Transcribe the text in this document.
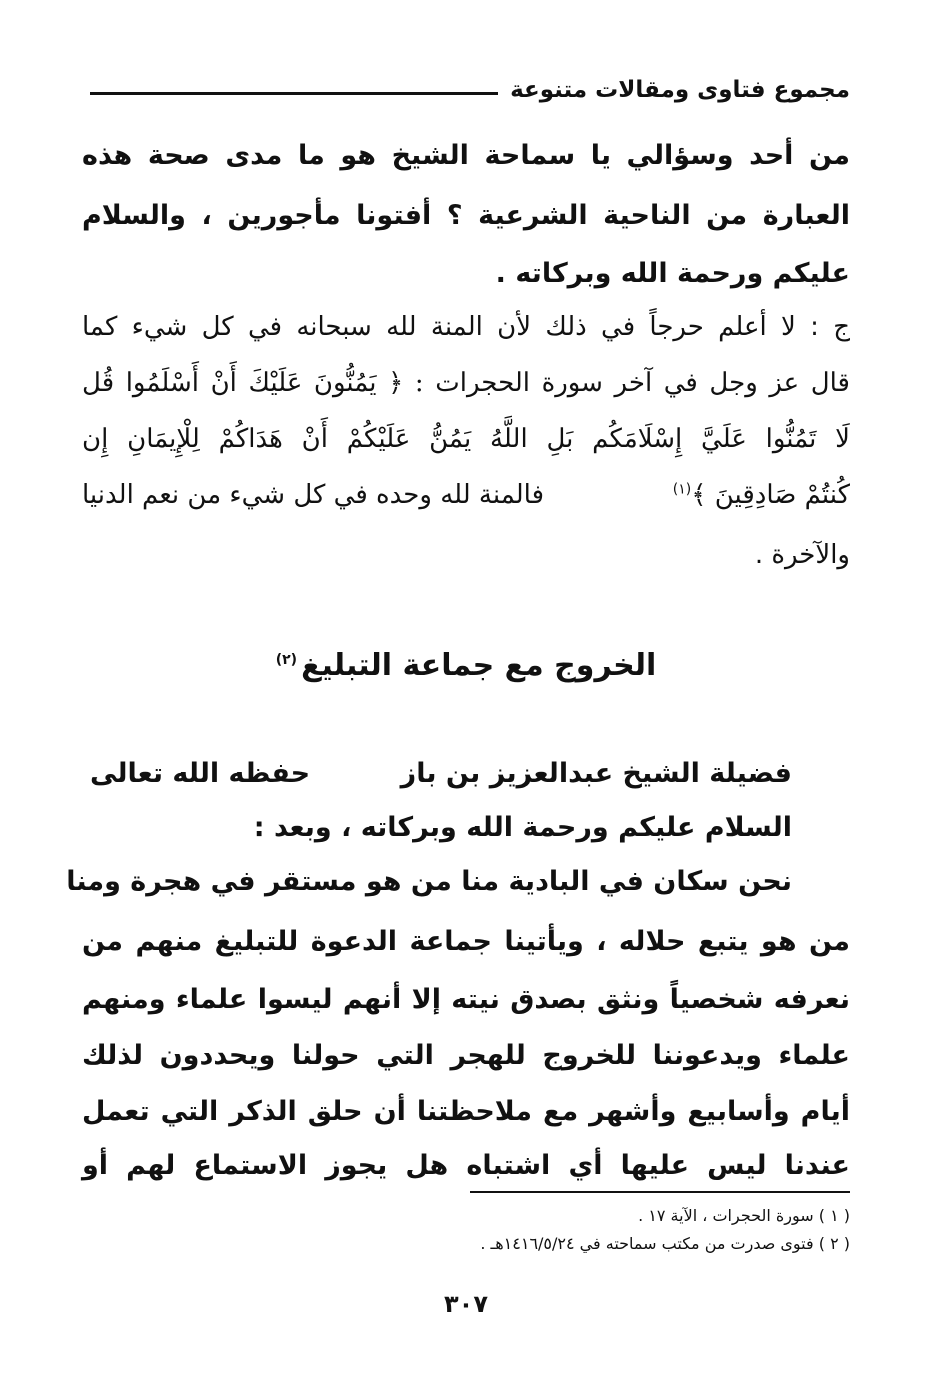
مجموع فتاوى ومقالات متنوعة
من أحد وسؤالي يا سماحة الشيخ هو ما مدى صحة هذه
العبارة من الناحية الشرعية ؟ أفتونا مأجورين ، والسلام
عليكم ورحمة الله وبركاته .
ج : لا أعلم حرجاً في ذلك لأن المنة لله سبحانه في كل شيء كما
قال عز وجل في آخر سورة الحجرات : ﴿ يَمُنُّونَ عَلَيْكَ أَنْ أَسْلَمُوا قُل
لَا تَمُنُّوا عَلَيَّ إِسْلَامَكُم بَلِ اللَّهُ يَمُنُّ عَلَيْكُمْ أَنْ هَدَاكُمْ لِلْإِيمَانِ إِن
كُنتُمْ صَادِقِينَ ﴾$^{(١)}$
فالمنة لله وحده في كل شيء من نعم الدنيا
والآخرة .
الخروج مع جماعة التبليغ$^{(٢)}$
فضيلة الشيخ عبدالعزيز بن باز
حفظه الله تعالى
السلام عليكم ورحمة الله وبركاته ، وبعد :
نحن سكان في البادية منا من هو مستقر في هجرة ومنا
من هو يتبع حلاله ، ويأتينا جماعة الدعوة للتبليغ منهم من
نعرفه شخصياً ونثق بصدق نيته إلا أنهم ليسوا علماء ومنهم
علماء ويدعوننا للخروج للهجر التي حولنا ويحددون لذلك
أيام وأسابيع وأشهر مع ملاحظتنا أن حلق الذكر التي تعمل
عندنا ليس عليها أي اشتباه هل يجوز الاستماع لهم أو
( ١ ) سورة الحجرات ، الآية ١٧ .
( ٢ ) فتوى صدرت من مكتب سماحته في ١٤١٦/٥/٢٤هـ .
٣٠٧
